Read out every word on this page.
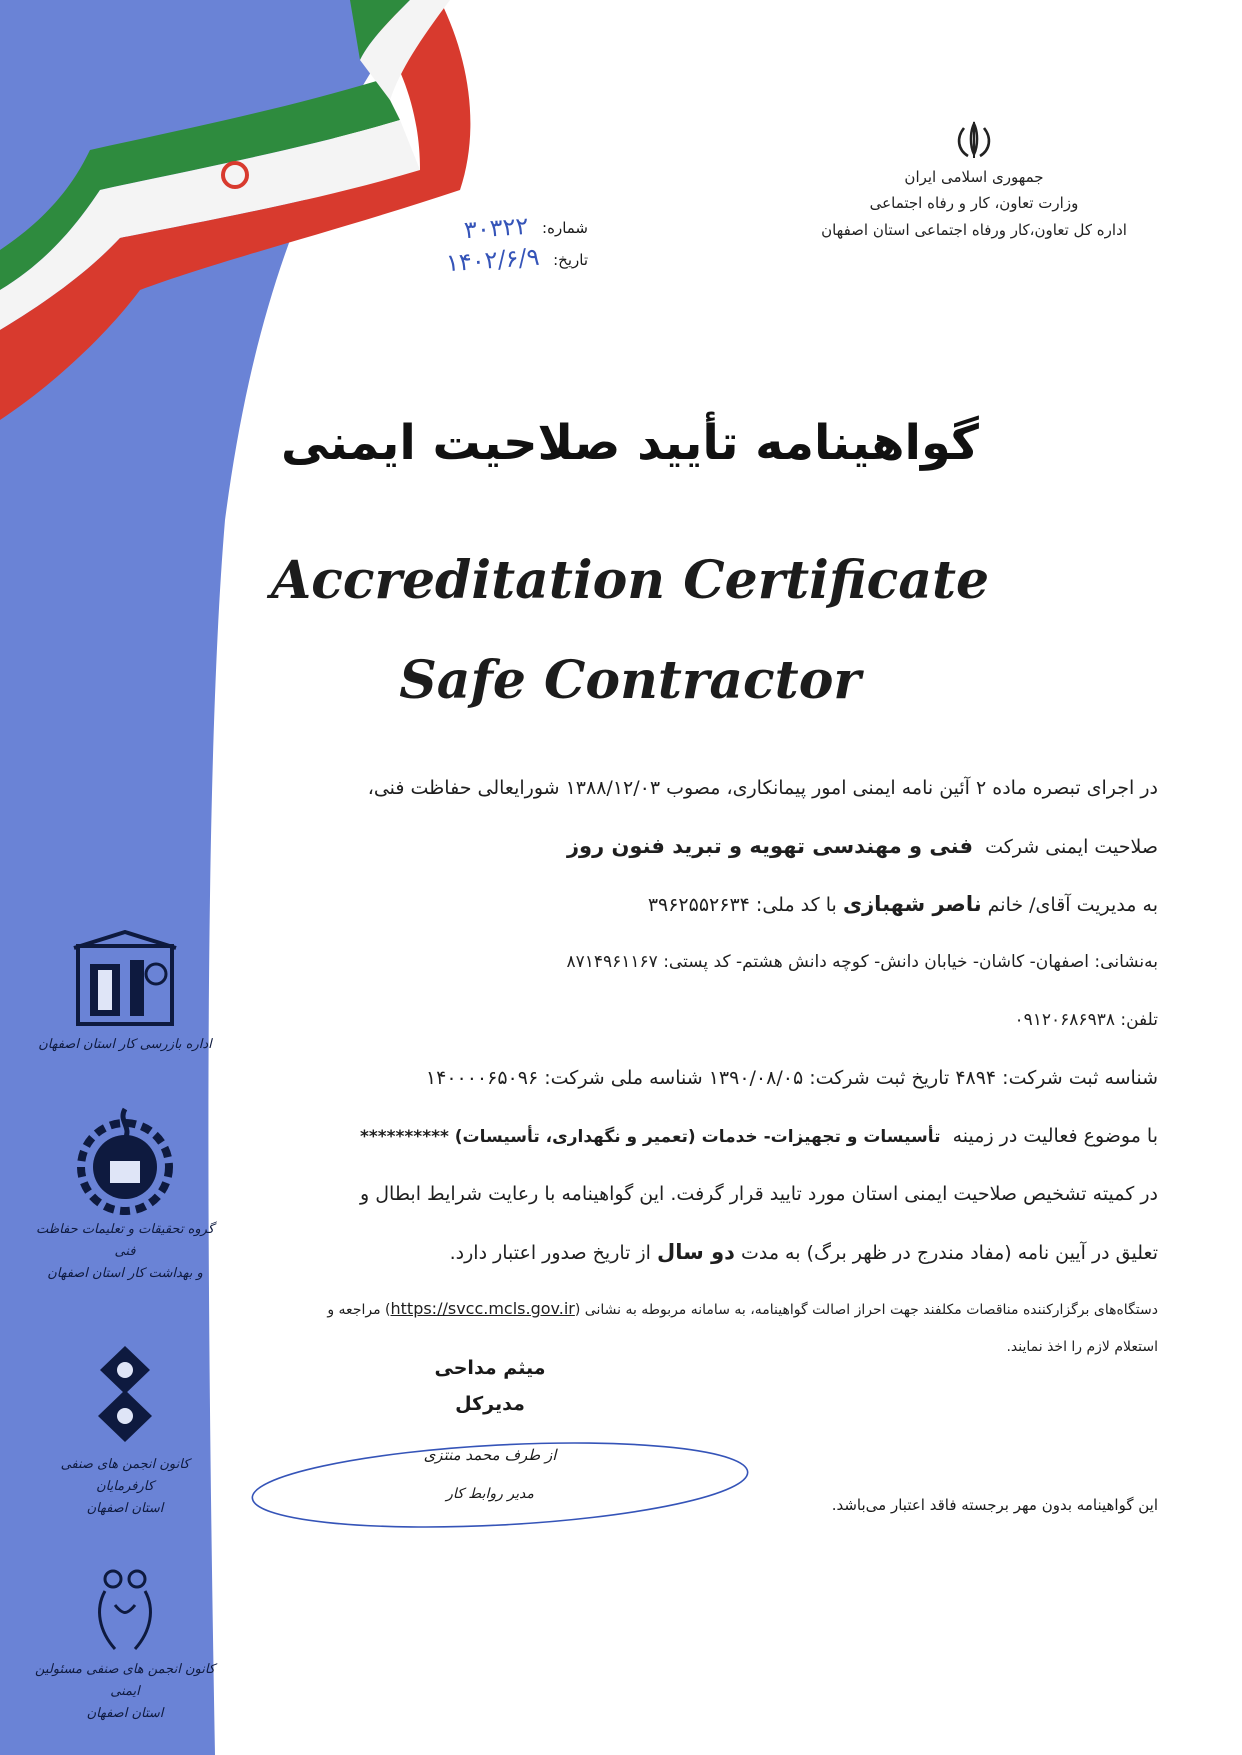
جمهوری اسلامی ایران
وزارت تعاون، کار و رفاه اجتماعی
اداره کل تعاون،کار ورفاه اجتماعی استان اصفهان
شماره:
۳۰۳۲۲
تاریخ:
۱۴۰۲/۶/۹
گواهینامه تأیید صلاحیت ایمنی
Accreditation Certificate
Safe Contractor
در اجرای تبصره ماده ۲ آئین نامه ایمنی امور پیمانکاری، مصوب ۱۳۸۸/۱۲/۰۳ شورایعالی حفاظت فنی،
صلاحیت ایمنی شرکت  فنی و مهندسی تهویه و تبرید فنون روز
به مدیریت آقای/ خانم ناصر شهبازی با کد ملی: ۳۹۶۲۵۵۲۶۳۴
به‌نشانی: اصفهان- کاشان- خیابان دانش- کوچه دانش هشتم- کد پستی: ۸۷۱۴۹۶۱۱۶۷
تلفن: ۰۹۱۲۰۶۸۶۹۳۸
شناسه ثبت شرکت: ۴۸۹۴ تاریخ ثبت شرکت: ۱۳۹۰/۰۸/۰۵ شناسه ملی شرکت: ۱۴۰۰۰۰۶۵۰۹۶
با موضوع فعالیت در زمینه  تأسیسات و تجهیزات- خدمات (تعمیر و نگهداری، تأسیسات) **********
در کمیته تشخیص صلاحیت ایمنی استان مورد تایید قرار گرفت. این گواهینامه با رعایت شرایط ابطال و
تعلیق در آیین نامه (مفاد مندرج در ظهر برگ) به مدت دو سال از تاریخ صدور اعتبار دارد.
دستگاه‌های برگزارکننده مناقصات مکلفند جهت احراز اصالت گواهینامه، به سامانه مربوطه به نشانی (https://svcc.mcls.gov.ir) مراجعه و
استعلام لازم را اخذ نمایند.
میثم مداحی
مدیرکل
از طرف محمد منتزی
مدیر روابط کار
این گواهینامه بدون مهر برجسته فاقد اعتبار می‌باشد.
اداره بازرسی کار استان اصفهان
گروه تحقیقات و تعلیمات حفاظت فنی
و بهداشت کار استان اصفهان
کانون انجمن های صنفی کارفرمایان
استان اصفهان
کانون انجمن های صنفی مسئولین ایمنی
استان اصفهان
